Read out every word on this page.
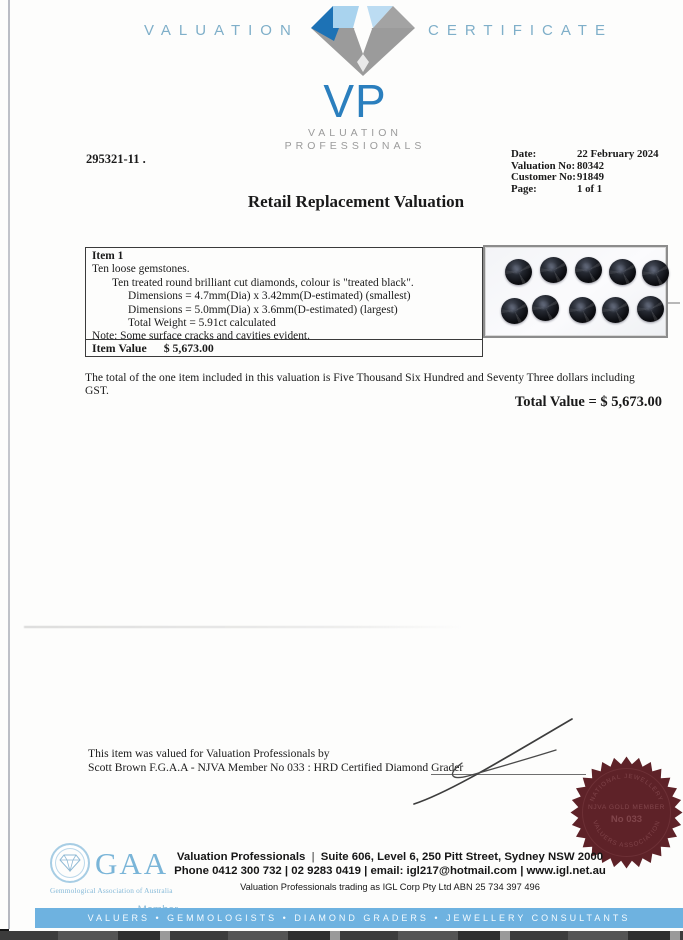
VALUATION	CERTIFICATE
VP
VALUATION
PROFESSIONALS
295321-11 .	Date:	22 February 2024
Valuation No: 80342
Customer No: 91849
Page:	1 of 1
Retail Replacement Valuation
Item 1
Ten loose gemstones.
Ten treated round brilliant cut diamonds, colour is "treated black".
Dimensions = 4.7mm(Dia) x 3.42mm(D-estimated) (smallest)
Dimensions = 5.0mm(Dia) x 3.6mm(D-estimated) (largest)
Total Weight = 5.91ct calculated
Note: Some surface cracks and cavities evident.
Item Value $ 5,673.00
The total of the one item included in this valuation is Five Thousand Six Hundred and Seventy Three dollars including GST.
Total Value = $ 5,673.00
This item was valued for Valuation Professionals by
Scott Brown F.G.A.A - NJVA Member No 033 : HRD Certified Diamond Grader
NATIONAL JEWELLERY
NJVA GOLD MEMBER
No 033
VALUERS ASSOCIATION
GAA
Gemmological Association of Australia
Valuation Professionals | Suite 606, Level 6, 250 Pitt Street, Sydney NSW 2000
Phone 0412 300 732 | 02 9283 0419 | email: igl217@hotmail.com | www.igl.net.au
Valuation Professionals trading as IGL Corp Pty Ltd ABN 25 734 397 496
VALUERS • GEMMOLOGISTS • DIAMOND GRADERS • JEWELLERY CONSULTANTS
